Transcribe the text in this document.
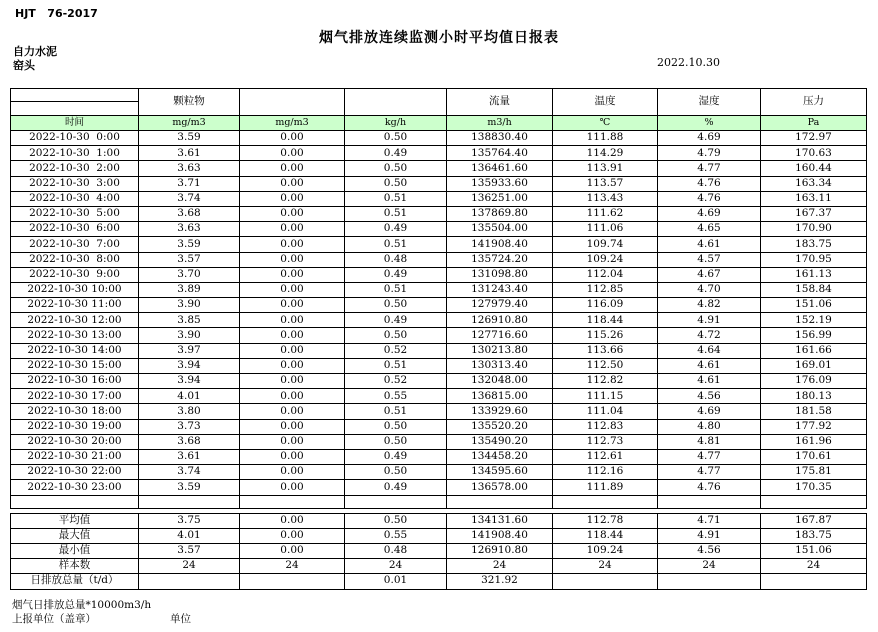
HJT   76-2017
烟气排放连续监测小时平均值日报表
自力水泥
窑头	2022.10.30
	颗粒物			流量	温度	湿度	压力
时间	mg/m3	mg/m3	kg/h	m3/h	℃	%	Pa
2022-10-30  0:00	3.59	0.00	0.50	138830.40	111.88	4.69	172.97
2022-10-30  1:00	3.61	0.00	0.49	135764.40	114.29	4.79	170.63
2022-10-30  2:00	3.63	0.00	0.50	136461.60	113.91	4.77	160.44
2022-10-30  3:00	3.71	0.00	0.50	135933.60	113.57	4.76	163.34
2022-10-30  4:00	3.74	0.00	0.51	136251.00	113.43	4.76	163.11
2022-10-30  5:00	3.68	0.00	0.51	137869.80	111.62	4.69	167.37
2022-10-30  6:00	3.63	0.00	0.49	135504.00	111.06	4.65	170.90
2022-10-30  7:00	3.59	0.00	0.51	141908.40	109.74	4.61	183.75
2022-10-30  8:00	3.57	0.00	0.48	135724.20	109.24	4.57	170.95
2022-10-30  9:00	3.70	0.00	0.49	131098.80	112.04	4.67	161.13
2022-10-30 10:00	3.89	0.00	0.51	131243.40	112.85	4.70	158.84
2022-10-30 11:00	3.90	0.00	0.50	127979.40	116.09	4.82	151.06
2022-10-30 12:00	3.85	0.00	0.49	126910.80	118.44	4.91	152.19
2022-10-30 13:00	3.90	0.00	0.50	127716.60	115.26	4.72	156.99
2022-10-30 14:00	3.97	0.00	0.52	130213.80	113.66	4.64	161.66
2022-10-30 15:00	3.94	0.00	0.51	130313.40	112.50	4.61	169.01
2022-10-30 16:00	3.94	0.00	0.52	132048.00	112.82	4.61	176.09
2022-10-30 17:00	4.01	0.00	0.55	136815.00	111.15	4.56	180.13
2022-10-30 18:00	3.80	0.00	0.51	133929.60	111.04	4.69	181.58
2022-10-30 19:00	3.73	0.00	0.50	135520.20	112.83	4.80	177.92
2022-10-30 20:00	3.68	0.00	0.50	135490.20	112.73	4.81	161.96
2022-10-30 21:00	3.61	0.00	0.49	134458.20	112.61	4.77	170.61
2022-10-30 22:00	3.74	0.00	0.50	134595.60	112.16	4.77	175.81
2022-10-30 23:00	3.59	0.00	0.49	136578.00	111.89	4.76	170.35

平均值	3.75	0.00	0.50	134131.60	112.78	4.71	167.87
最大值	4.01	0.00	0.55	141908.40	118.44	4.91	183.75
最小值	3.57	0.00	0.48	126910.80	109.24	4.56	151.06
样本数	24	24	24	24	24	24	24
日排放总量（t/d）			0.01	321.92			
烟气日排放总量*10000m3/h
上报单位（盖章）	单位
